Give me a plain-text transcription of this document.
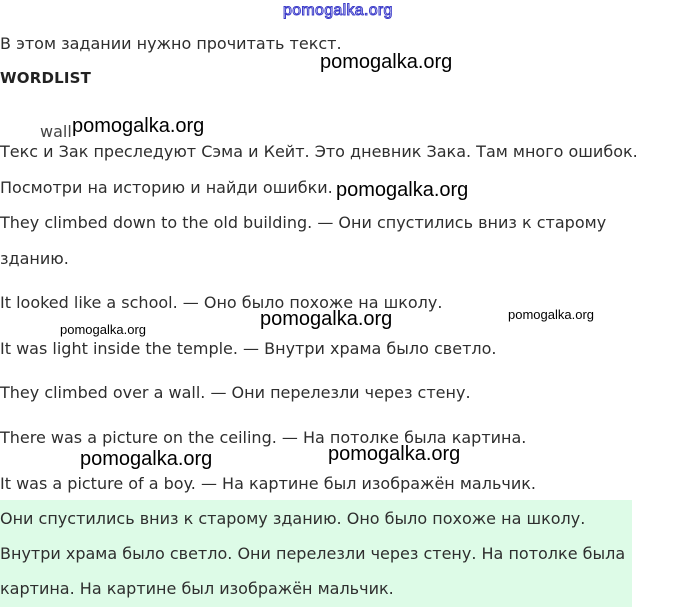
pomogalka.org
В этом задании нужно прочитать текст.
WORDLIST
wall
Текс и Зак преследуют Сэма и Кейт. Это дневник Зака. Там много ошибок.
Посмотри на историю и найди ошибки.
They climbed down to the old building. — Они спустились вниз к старому
зданию.
It looked like a school. — Оно было похоже на школу.
It was light inside the temple. — Внутри храма было светло.
They climbed over a wall. — Они перелезли через стену.
There was a picture on the ceiling. — На потолке была картина.
It was a picture of a boy. — На картине был изображён мальчик.
Они спустились вниз к старому зданию. Оно было похоже на школу.
Внутри храма было светло. Они перелезли через стену. На потолке была
картина. На картине был изображён мальчик.
pomogalka.org
pomogalka.org
pomogalka.org
pomogalka.org	pomogalka.org
pomogalka.org
pomogalka.org	pomogalka.org
